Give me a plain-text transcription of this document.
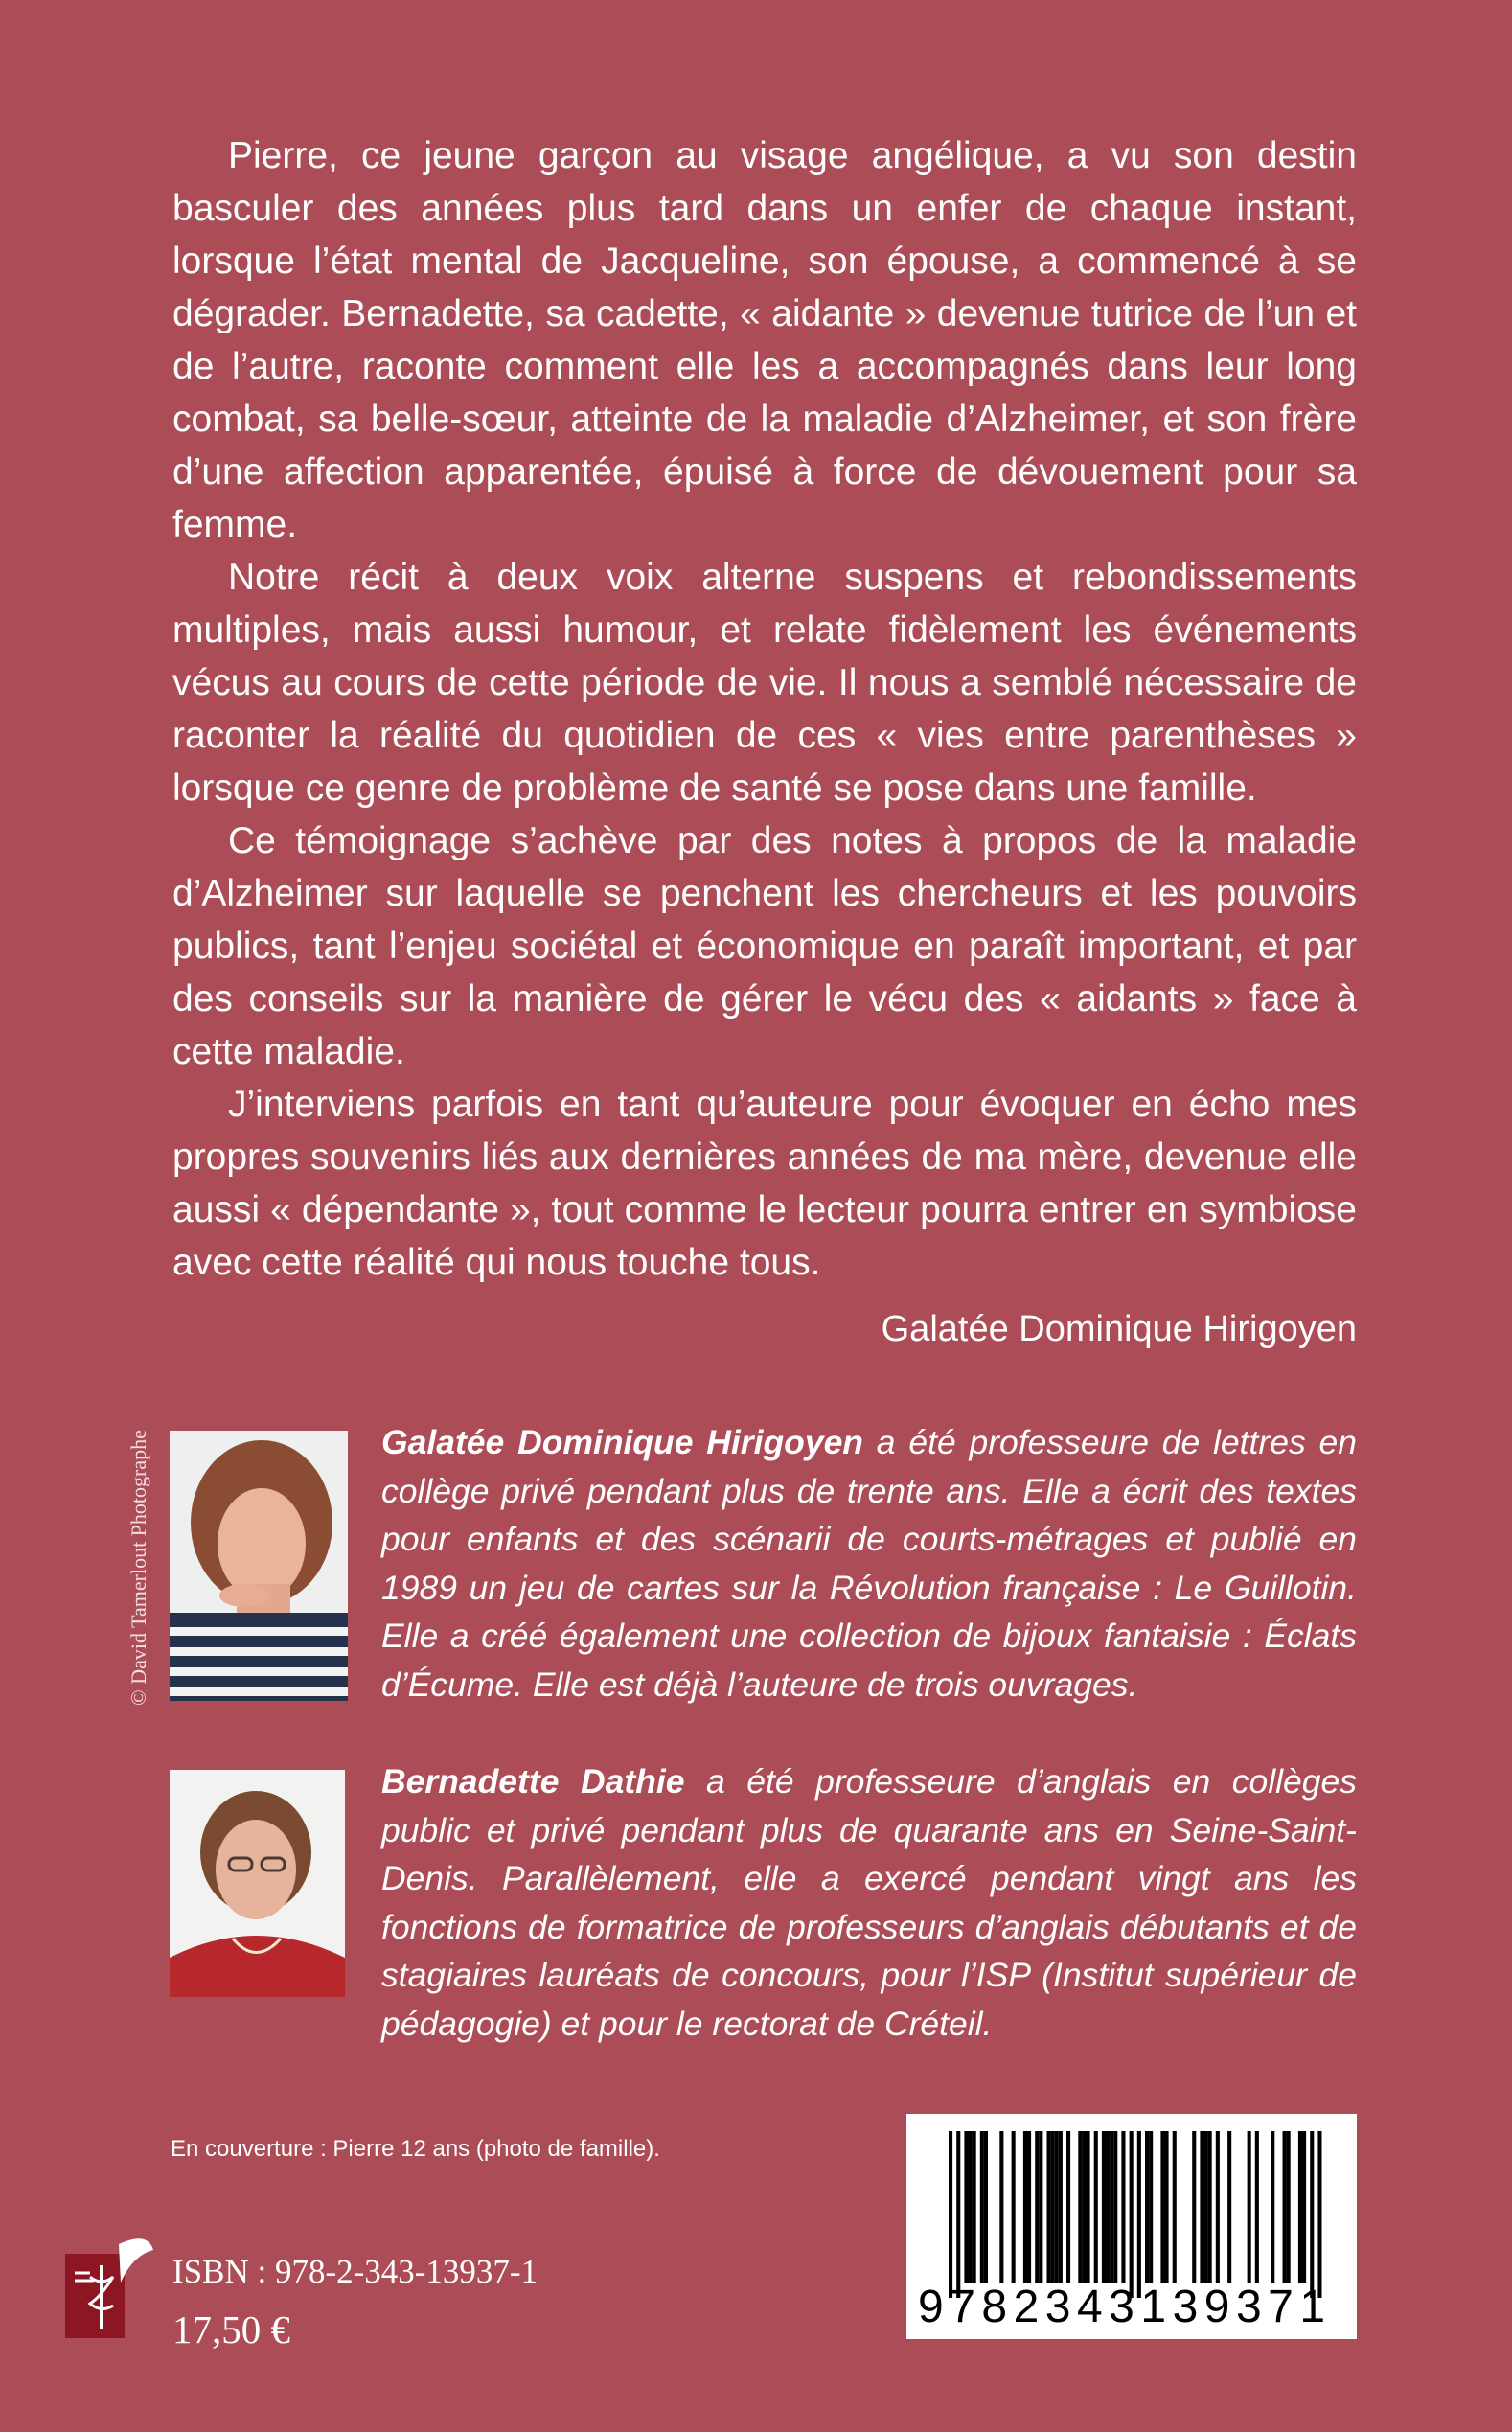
Pierre, ce jeune garçon au visage angélique, a vu son destin basculer des années plus tard dans un enfer de chaque instant, lorsque l’état mental de Jacqueline, son épouse, a commencé à se dégrader. Bernadette, sa cadette, « aidante » devenue tutrice de l’un et de l’autre, raconte comment elle les a accompagnés dans leur long combat, sa belle-sœur, atteinte de la maladie d’Alzheimer, et son frère d’une affection apparentée, épuisé à force de dévouement pour sa femme.

Notre récit à deux voix alterne suspens et rebondissements multiples, mais aussi humour, et relate fidèlement les événements vécus au cours de cette période de vie. Il nous a semblé nécessaire de raconter la réalité du quotidien de ces « vies entre parenthèses » lorsque ce genre de problème de santé se pose dans une famille.

Ce témoignage s’achève par des notes à propos de la maladie d’Alzheimer sur laquelle se penchent les chercheurs et les pouvoirs publics, tant l’enjeu sociétal et économique en paraît important, et par des conseils sur la manière de gérer le vécu des « aidants » face à cette maladie.

J’interviens parfois en tant qu’auteure pour évoquer en écho mes propres souvenirs liés aux dernières années de ma mère, devenue elle aussi « dépendante », tout comme le lecteur pourra entrer en symbiose avec cette réalité qui nous touche tous.

Galatée Dominique Hirigoyen
© David Tamerlout Photographe	Galatée Dominique Hirigoyen a été professeure de lettres en collège privé pendant plus de trente ans. Elle a écrit des textes pour enfants et des scénarii de courts-métrages et publié en 1989 un jeu de cartes sur la Révolution française : Le Guillotin. Elle a créé également une collection de bijoux fantaisie : Éclats d’Écume. Elle est déjà l’auteure de trois ouvrages.
Bernadette Dathie a été professeure d’anglais en collèges public et privé pendant plus de quarante ans en Seine-Saint-Denis. Parallèlement, elle a exercé pendant vingt ans les fonctions de formatrice de professeurs d’anglais débutants et de stagiaires lauréats de concours, pour l’ISP (Institut supérieur de pédagogie) et pour le rectorat de Créteil.
En couverture : Pierre 12 ans (photo de famille).
ISBN : 978-2-343-13937-1
17,50 €	9782343139371
